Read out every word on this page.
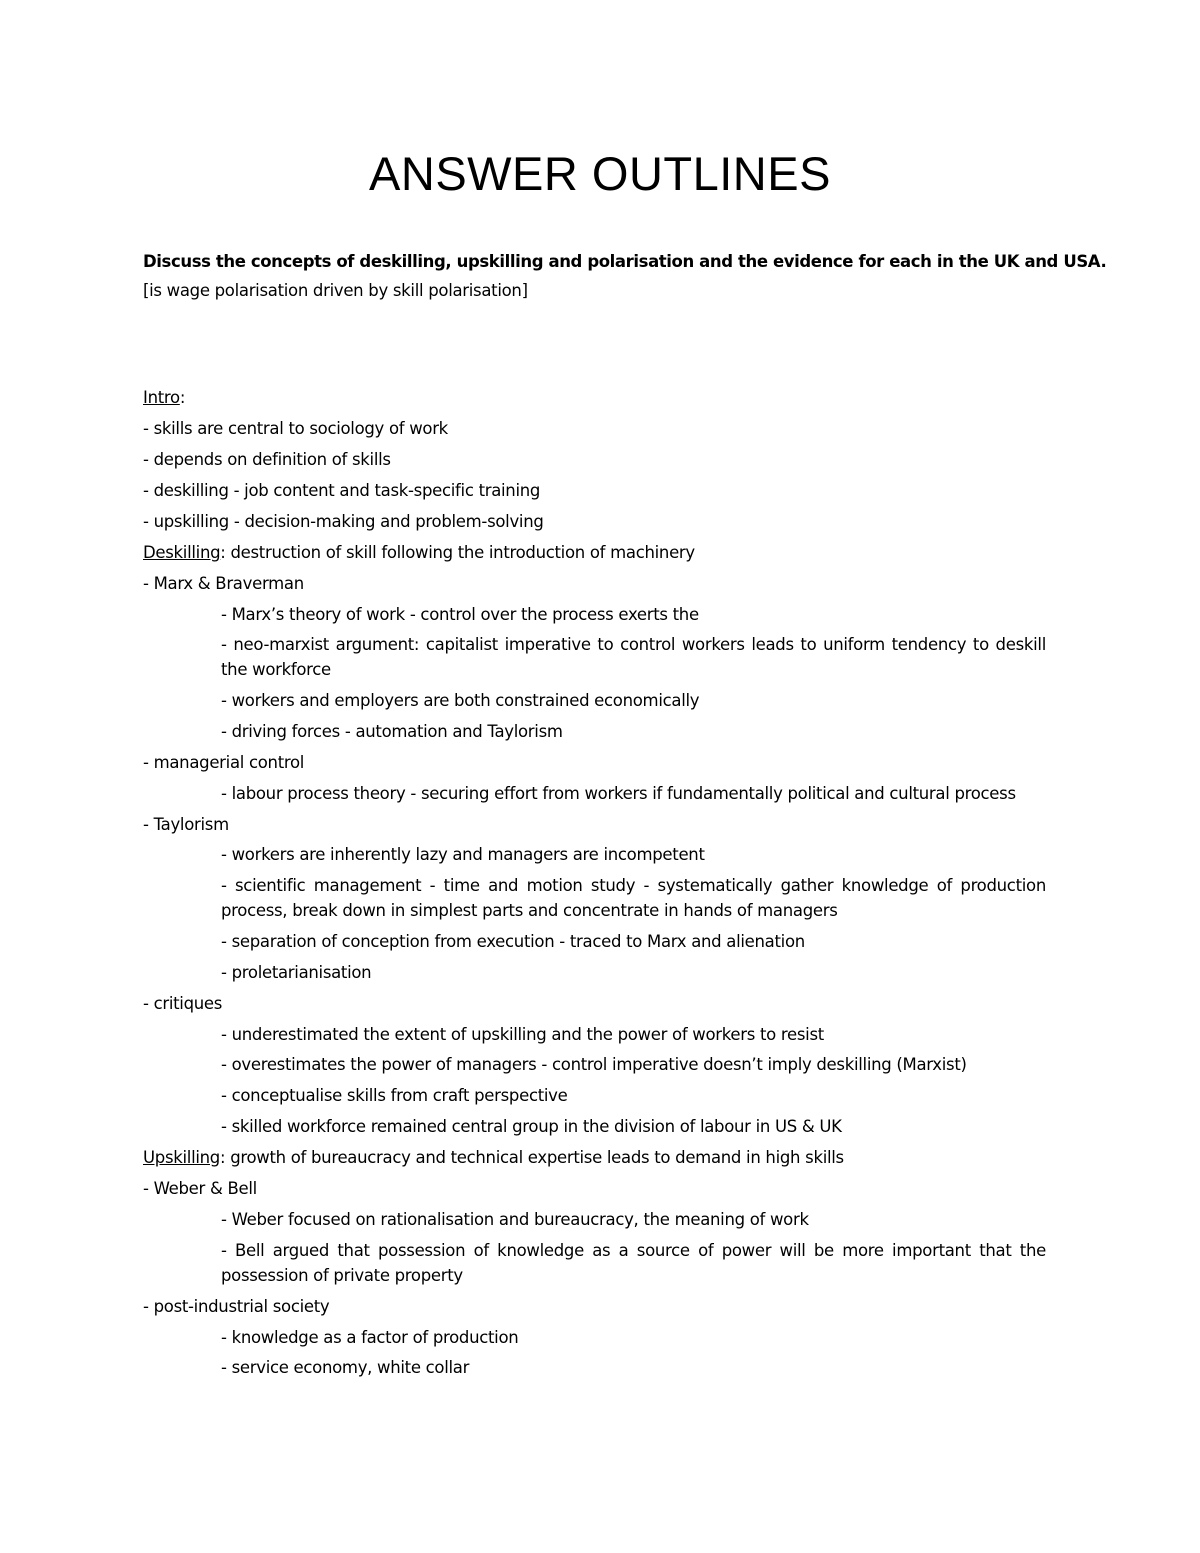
ANSWER OUTLINES
Discuss the concepts of deskilling, upskilling and polarisation and the evidence for each in the UK and USA.
[is wage polarisation driven by skill polarisation]
Intro:
- skills are central to sociology of work
- depends on definition of skills
- deskilling - job content and task-specific training
- upskilling - decision-making and problem-solving
Deskilling: destruction of skill following the introduction of machinery
- Marx & Braverman
- Marx’s theory of work - control over the process exerts the
- neo-marxist argument: capitalist imperative to control workers leads to uniform tendency to deskill the workforce
- workers and employers are both constrained economically
- driving forces - automation and Taylorism
- managerial control
- labour process theory - securing effort from workers if fundamentally political and cultural process
- Taylorism
- workers are inherently lazy and managers are incompetent
- scientific management - time and motion study - systematically gather knowledge of production process, break down in simplest parts and concentrate in hands of managers
- separation of conception from execution - traced to Marx and alienation
- proletarianisation
- critiques
- underestimated the extent of upskilling and the power of workers to resist
- overestimates the power of managers - control imperative doesn’t imply deskilling (Marxist)
- conceptualise skills from craft perspective
- skilled workforce remained central group in the division of labour in US & UK
Upskilling: growth of bureaucracy and technical expertise leads to demand in high skills
- Weber & Bell
- Weber focused on rationalisation and bureaucracy, the meaning of work
- Bell argued that possession of knowledge as a source of power will be more important that the possession of private property
- post-industrial society
- knowledge as a factor of production
- service economy, white collar
